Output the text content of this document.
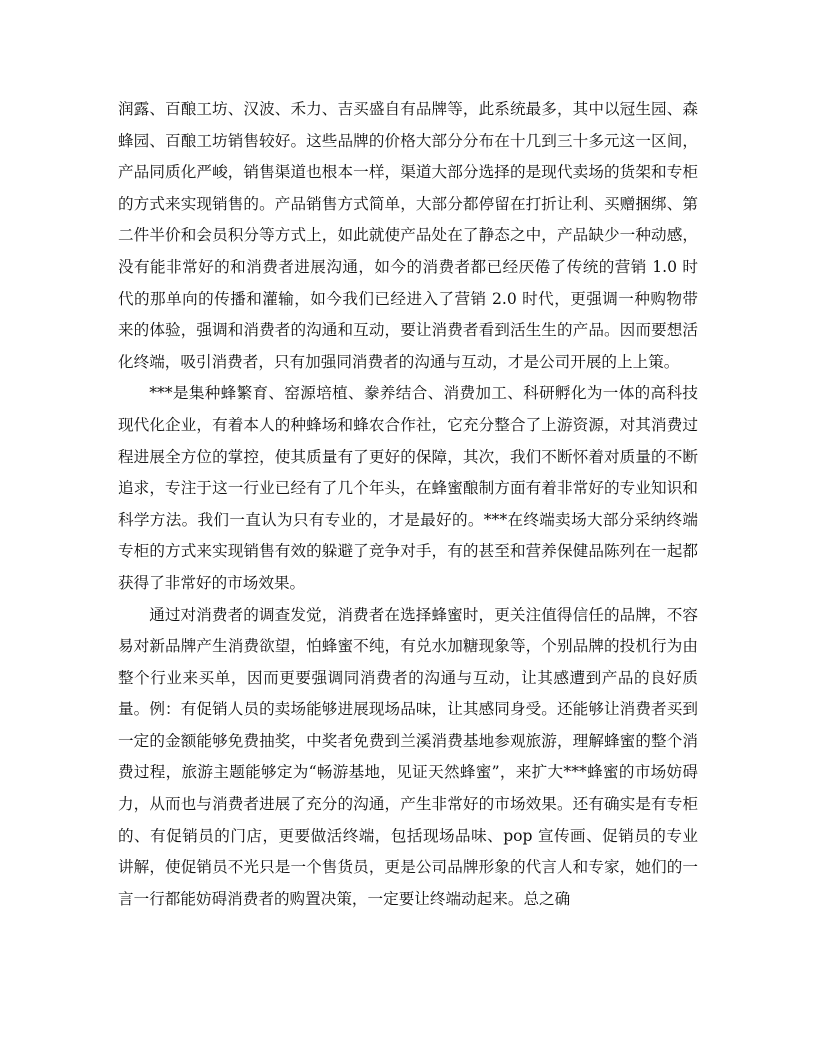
润露、百酿工坊、汉波、禾力、吉买盛自有品牌等，此系统最多，其中以冠生园、森蜂园、百酿工坊销售较好。这些品牌的价格大部分分布在十几到三十多元这一区间，产品同质化严峻，销售渠道也根本一样，渠道大部分选择的是现代卖场的货架和专柜的方式来实现销售的。产品销售方式简单，大部分都停留在打折让利、买赠捆绑、第二件半价和会员积分等方式上，如此就使产品处在了静态之中，产品缺少一种动感，没有能非常好的和消费者进展沟通，如今的消费者都已经厌倦了传统的营销 1.0 时代的那单向的传播和灌输，如今我们已经进入了营销 2.0 时代，更强调一种购物带来的体验，强调和消费者的沟通和互动，要让消费者看到活生生的产品。因而要想活化终端，吸引消费者，只有加强同消费者的沟通与互动，才是公司开展的上上策。

***是集种蜂繁育、窑源培植、豢养结合、消费加工、科研孵化为一体的高科技现代化企业，有着本人的种蜂场和蜂农合作社，它充分整合了上游资源，对其消费过程进展全方位的掌控，使其质量有了更好的保障，其次，我们不断怀着对质量的不断追求，专注于这一行业已经有了几个年头，在蜂蜜酿制方面有着非常好的专业知识和科学方法。我们一直认为只有专业的，才是最好的。***在终端卖场大部分采纳终端专柜的方式来实现销售有效的躲避了竞争对手，有的甚至和营养保健品陈列在一起都获得了非常好的市场效果。

通过对消费者的调查发觉，消费者在选择蜂蜜时，更关注值得信任的品牌，不容易对新品牌产生消费欲望，怕蜂蜜不纯，有兑水加糖现象等，个别品牌的投机行为由整个行业来买单，因而更要强调同消费者的沟通与互动，让其感遭到产品的良好质量。例：有促销人员的卖场能够进展现场品味，让其感同身受。还能够让消费者买到一定的金额能够免费抽奖，中奖者免费到兰溪消费基地参观旅游，理解蜂蜜的整个消费过程，旅游主题能够定为“畅游基地，见证天然蜂蜜”，来扩大***蜂蜜的市场妨碍力，从而也与消费者进展了充分的沟通，产生非常好的市场效果。还有确实是有专柜的、有促销员的门店，更要做活终端，包括现场品味、pop 宣传画、促销员的专业讲解，使促销员不光只是一个售货员，更是公司品牌形象的代言人和专家，她们的一言一行都能妨碍消费者的购置决策，一定要让终端动起来。总之确
